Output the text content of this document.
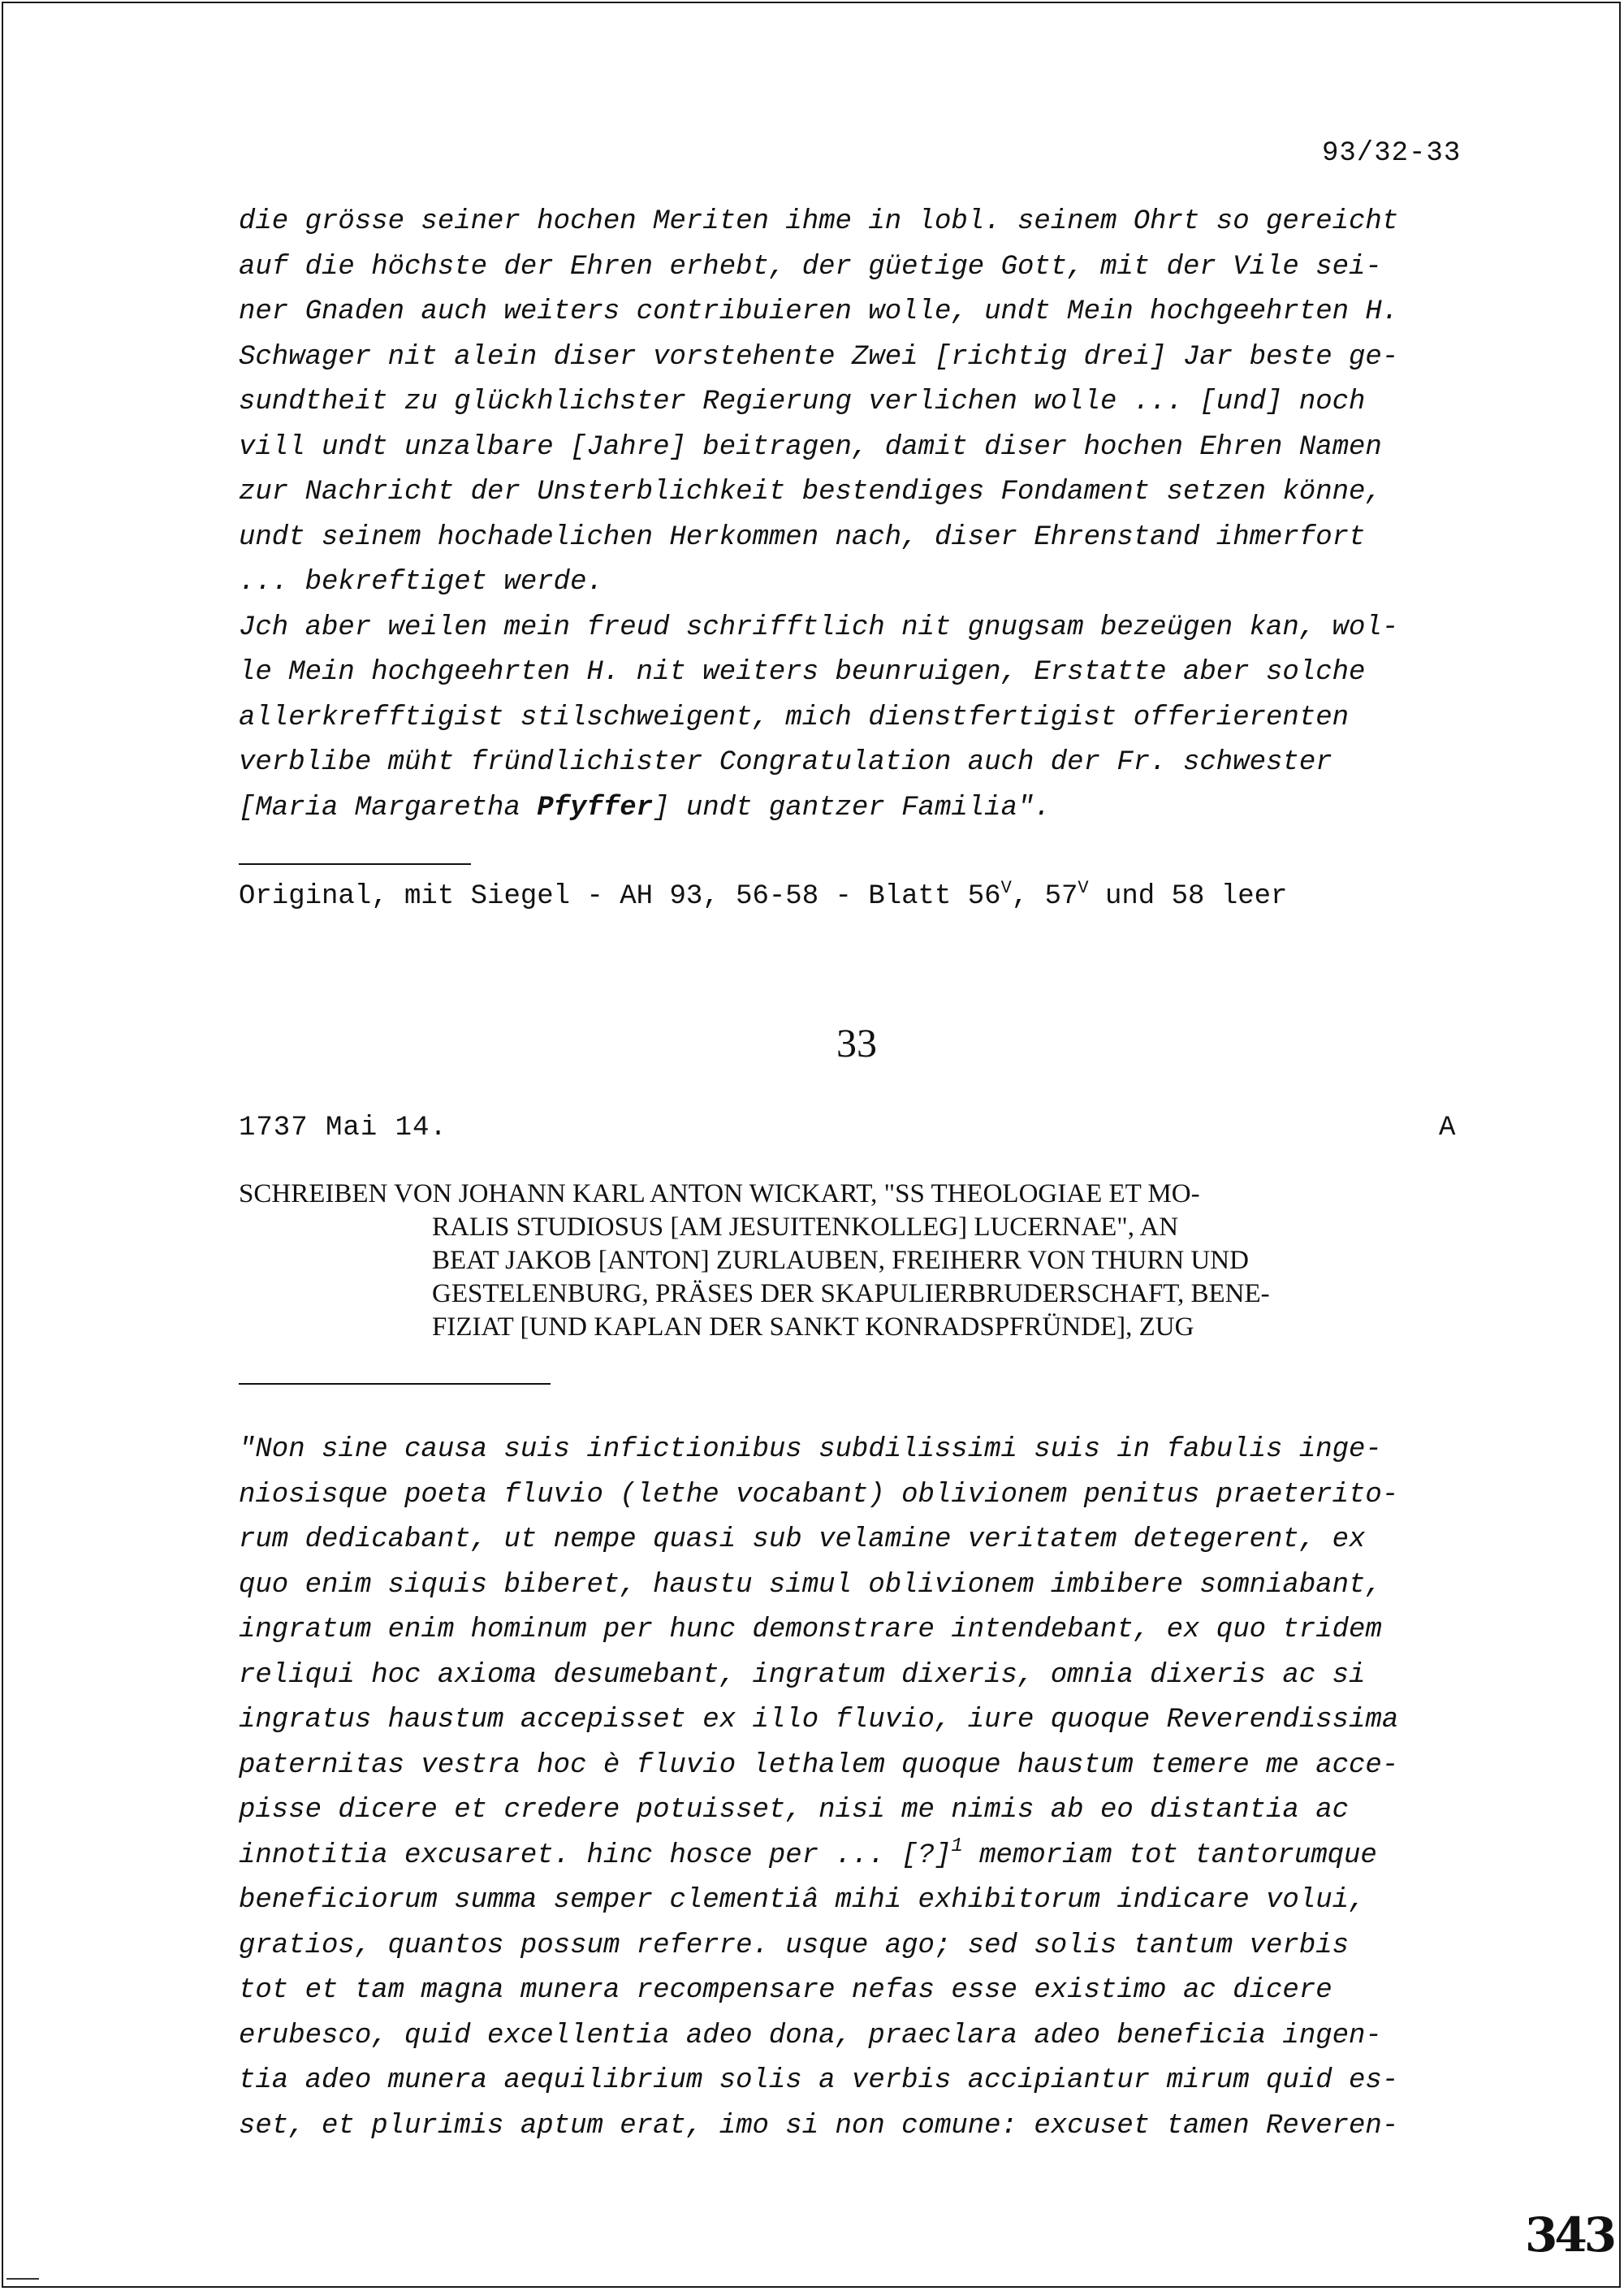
93/32-33
die grösse seiner hochen Meriten ihme in lobl. seinem Ohrt so gereicht
auf die höchste der Ehren erhebt, der güetige Gott, mit der Vile sei-
ner Gnaden auch weiters contribuieren wolle, undt Mein hochgeehrten H.
Schwager nit alein diser vorstehente Zwei [richtig drei] Jar beste ge-
sundtheit zu glückhlichster Regierung verlichen wolle ... [und] noch
vill undt unzalbare [Jahre] beitragen, damit diser hochen Ehren Namen
zur Nachricht der Unsterblichkeit bestendiges Fondament setzen könne,
undt seinem hochadelichen Herkommen nach, diser Ehrenstand ihmerfort
... bekreftiget werde.
Jch aber weilen mein freud schrifftlich nit gnugsam bezeügen kan, wol-
le Mein hochgeehrten H. nit weiters beunruigen, Erstatte aber solche
allerkrefftigist stilschweigent, mich dienstfertigist offerierenten
verblibe müht fründlichister Congratulation auch der Fr. schwester
[Maria Margaretha Pfyffer] undt gantzer Familia".
Original, mit Siegel - AH 93, 56-58 - Blatt $56^V$, $57^V$ und 58 leer
33
1737 Mai 14.	A
SCHREIBEN VON JOHANN KARL ANTON WICKART, "SS THEOLOGIAE ET MO-
RALIS STUDIOSUS [AM JESUITENKOLLEG] LUCERNAE", AN
BEAT JAKOB [ANTON] ZURLAUBEN, FREIHERR VON THURN UND
GESTELENBURG, PRÄSES DER SKAPULIERBRUDERSCHAFT, BENE-
FIZIAT [UND KAPLAN DER SANKT KONRADSPFRÜNDE], ZUG
"Non sine causa suis infictionibus subdilissimi suis in fabulis inge-
niosisque poeta fluvio (lethe vocabant) oblivionem penitus praeterito-
rum dedicabant, ut nempe quasi sub velamine veritatem detegerent, ex
quo enim siquis biberet, haustu simul oblivionem imbibere somniabant,
ingratum enim hominum per hunc demonstrare intendebant, ex quo tridem
reliqui hoc axioma desumebant, ingratum dixeris, omnia dixeris ac si
ingratus haustum accepisset ex illo fluvio, iure quoque Reverendissima
paternitas vestra hoc è fluvio lethalem quoque haustum temere me acce-
pisse dicere et credere potuisset, nisi me nimis ab eo distantia ac
innotitia excusaret. hinc hosce per ... [?]$^1$ memoriam tot tantorumque
beneficiorum summa semper clementiâ mihi exhibitorum indicare volui,
gratios, quantos possum referre. usque ago; sed solis tantum verbis
tot et tam magna munera recompensare nefas esse existimo ac dicere
erubesco, quid excellentia adeo dona, praeclara adeo beneficia ingen-
tia adeo munera aequilibrium solis a verbis accipiantur mirum quid es-
set, et plurimis aptum erat, imo si non comune: excuset tamen Reveren-
343
